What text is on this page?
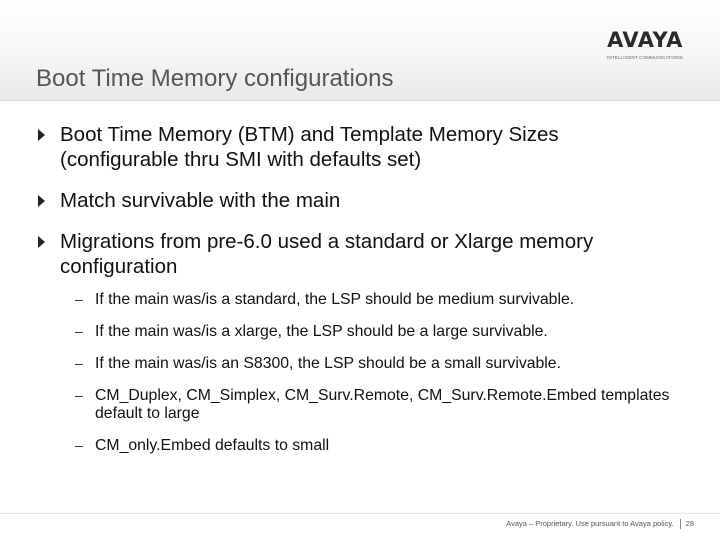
AVAYA
INTELLIGENT COMMUNICATIONS
Boot Time Memory configurations
Boot Time Memory (BTM) and Template Memory Sizes (configurable thru SMI with defaults set)
Match survivable with the main
Migrations from pre-6.0 used a standard or Xlarge memory configuration
If the main was/is a standard, the LSP should be medium survivable.
If the main was/is a xlarge, the LSP should be a large survivable.
If the main was/is an S8300, the LSP should be a small survivable.
CM_Duplex, CM_Simplex, CM_Surv.Remote, CM_Surv.Remote.Embed templates default to large
CM_only.Embed defaults to small
Avaya – Proprietary. Use pursuant to Avaya policy. 28
